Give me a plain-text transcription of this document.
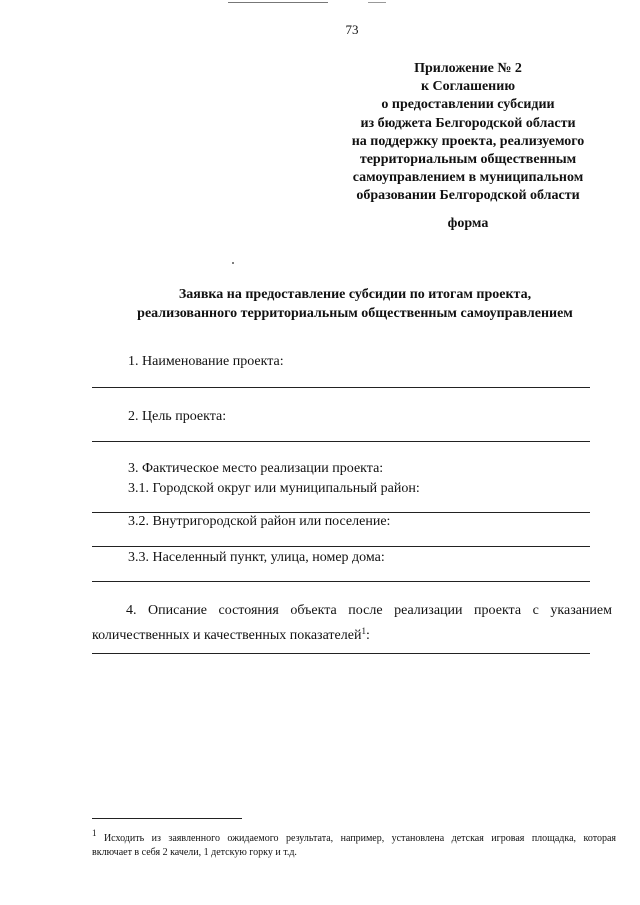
73
Приложение № 2
к Соглашению
о предоставлении субсидии
из бюджета Белгородской области
на поддержку проекта, реализуемого
территориальным общественным
самоуправлением в муниципальном
образовании Белгородской области
форма
Заявка на предоставление субсидии по итогам проекта,
реализованного территориальным общественным самоуправлением
1. Наименование проекта:
2. Цель проекта:
3. Фактическое место реализации проекта:
3.1. Городской округ или муниципальный район:
3.2. Внутригородской район или поселение:
3.3. Населенный пункт, улица, номер дома:
4. Описание состояния объекта после реализации проекта с указанием
количественных и качественных показателей$^1$:
$^1$ Исходить из заявленного ожидаемого результата, например, установлена детская игровая площадка, которая
включает в себя 2 качели, 1 детскую горку и т.д.
